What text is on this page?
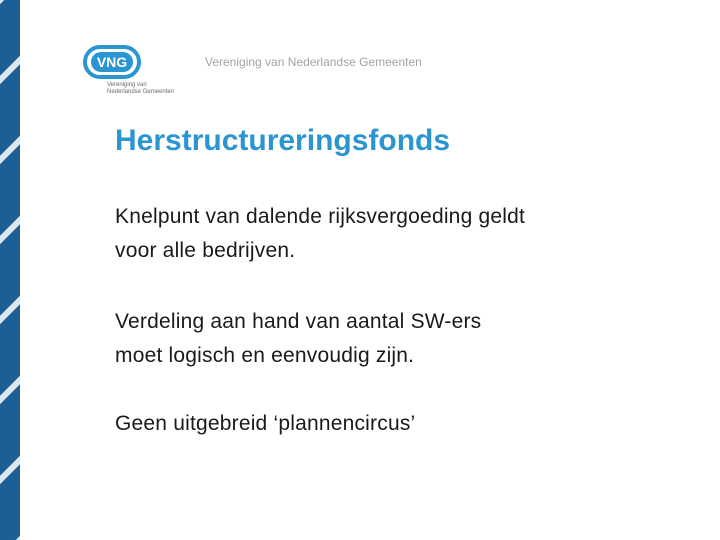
VNG
Vereniging van
Nederlandse Gemeenten
Vereniging van Nederlandse Gemeenten
Herstructureringsfonds

Knelpunt van dalende rijksvergoeding geldt
voor alle bedrijven.

Verdeling aan hand van aantal SW-ers
moet logisch en eenvoudig zijn.

Geen uitgebreid ‘plannencircus’
